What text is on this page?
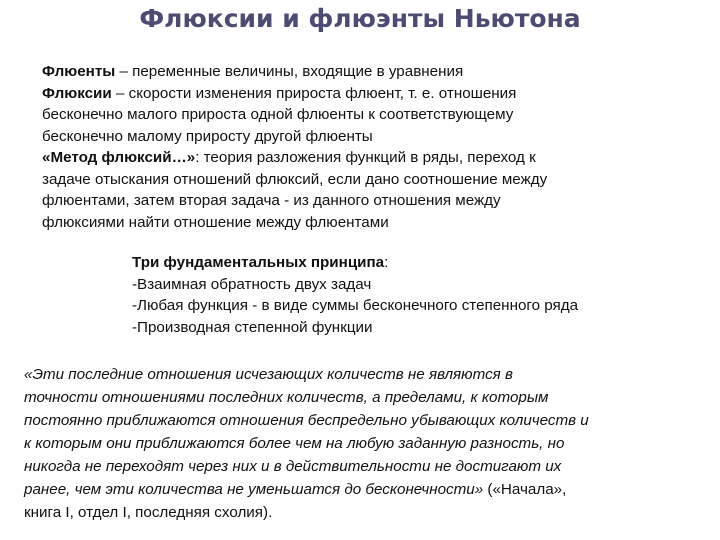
Флюксии и флюэнты Ньютона
Флюенты – переменные величины, входящие в уравнения
Флюксии – скорости изменения прироста флюент, т. е. отношения
бесконечно малого прироста одной флюенты к соответствующему
бесконечно малому приросту другой флюенты
«Метод флюксий…»: теория разложения функций в ряды, переход к
задаче отыскания отношений флюксий, если дано соотношение между
флюентами, затем вторая задача - из данного отношения между
флюксиями найти отношение между флюентами
Три фундаментальных принципа:
-Взаимная обратность двух задач
-Любая функция - в виде суммы бесконечного степенного ряда
-Производная степенной функции
«Эти последние отношения исчезающих количеств не являются в
точности отношениями последних количеств, а пределами, к которым
постоянно приближаются отношения беспредельно убывающих количеств и
к которым они приближаются более чем на любую заданную разность, но
никогда не переходят через них и в действительности не достигают их
ранее, чем эти количества не уменьшатся до бесконечности» («Начала»,
книга I, отдел I, последняя схолия).
